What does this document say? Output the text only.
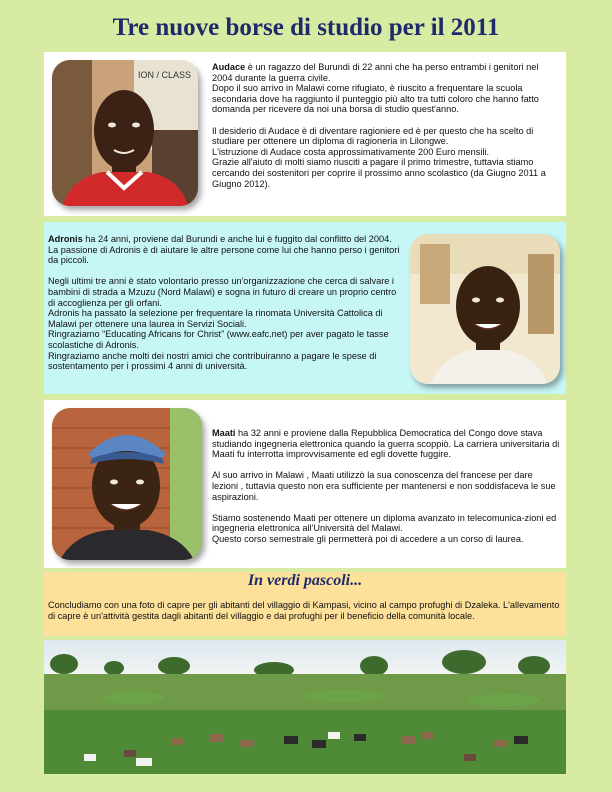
Tre nuove borse di studio per il 2011
ION / CLASS

Audace è un ragazzo del Burundi di 22 anni che ha perso entrambi i genitori nel 2004 durante la guerra civile.
Dopo il suo arrivo in Malawi come rifugiato, è riuscito a frequentare la scuola secondaria dove ha raggiunto il punteggio più alto tra tutti coloro che hanno fatto domanda per ricevere da noi una borsa di studio quest'anno.

Il desiderio di Audace è di diventare ragioniere ed è per questo che ha scelto di studiare per ottenere un diploma di ragioneria in Lilongwe.
L'istruzione di Audace costa approssimativamente 200 Euro mensili.
Grazie all'aiuto di molti siamo riusciti a pagare il primo trimestre, tuttavia stiamo cercando dei sostenitori per coprire il prossimo anno scolastico (da Giugno 2011 a Giugno 2012).

Adronis ha 24 anni, proviene dal Burundi e anche lui è fuggito dal conflitto del 2004. La passione di Adronis è di aiutare le altre persone come lui che hanno perso i genitori da piccoli.

Negli ultimi tre anni è stato volontario presso un'organizzazione che cerca di salvare i bambini di strada a Mzuzu (Nord Malawi) e sogna in futuro di creare un proprio centro di accoglienza per gli orfani.
Adronis ha passato la selezione per frequentare la rinomata Università Cattolica di Malawi per ottenere una laurea in Servizi Sociali.
Ringraziamo “Educating Africans for Christ” (www.eafc.net) per aver pagato le tasse scolastiche di Adronis.
Ringraziamo anche molti dei nostri amici che contribuiranno a pagare le spese di sostentamento per i prossimi 4 anni di università.

Maati ha 32 anni e proviene dalla Repubblica Democratica del Congo dove stava studiando ingegneria elettronica quando la guerra scoppiò. La carriera universitaria di Maati fu interrotta improvvisamente ed egli dovette fuggire.

Al suo arrivo in Malawi , Maati utilizzò la sua conoscenza del francese per dare lezioni , tuttavia questo non era sufficiente per mantenersi e non soddisfaceva le sue aspirazioni.

Stiamo sostenendo Maati per ottenere un diploma avanzato in telecomunica-zioni ed ingegneria elettronica all'Università del Malawi.
Questo corso semestrale gli permetterà poi di accedere a un corso di laurea.

In verdi pascoli...
Concludiamo con una foto di capre per gli abitanti del villaggio di Kampasi, vicino al campo profughi di Dzaleka. L'allevamento di capre è un'attività gestita dagli abitanti del villaggio e dai profughi per il beneficio della comunità locale.
